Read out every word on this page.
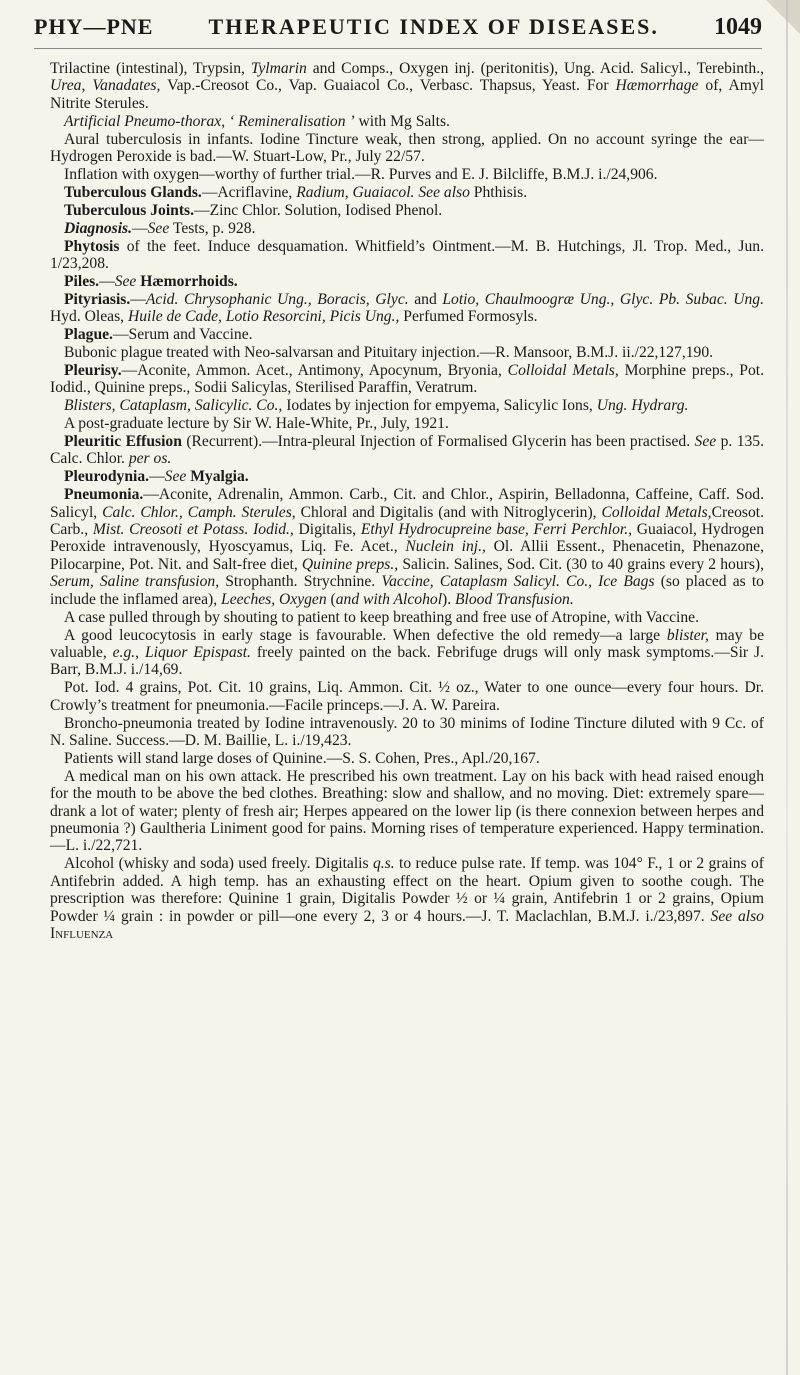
PHY—PNE	THERAPEUTIC INDEX OF DISEASES. 1049

Trilactine (intestinal), Trypsin, Tylmarin and Comps., Oxygen inj. (peritonitis), Ung. Acid. Salicyl., Terebinth., Urea, Vanadates, Vap.-Creosot Co., Vap. Guaiacol Co., Verbasc. Thapsus, Yeast. For Hæmorrhage of, Amyl Nitrite Sterules.

Artificial Pneumo-thorax, ‘ Remineralisation ’ with Mg Salts.

Aural tuberculosis in infants. Iodine Tincture weak, then strong, applied. On no account syringe the ear—Hydrogen Peroxide is bad.—W. Stuart-Low, Pr., July 22/57.

Inflation with oxygen—worthy of further trial.—R. Purves and E. J. Bilcliffe, B.M.J. i./24,906.

Tuberculous Glands.—Acriflavine, Radium, Guaiacol. See also Phthisis.

Tuberculous Joints.—Zinc Chlor. Solution, Iodised Phenol.

Diagnosis.—See Tests, p. 928.

Phytosis of the feet. Induce desquamation. Whitfield’s Ointment.—M. B. Hutchings, Jl. Trop. Med., Jun. 1/23,208.

Piles.—See Hæmorrhoids.

Pityriasis.—Acid. Chrysophanic Ung., Boracis, Glyc. and Lotio, Chaulmoogræ Ung., Glyc. Pb. Subac. Ung. Hyd. Oleas, Huile de Cade, Lotio Resorcini, Picis Ung., Perfumed Formosyls.

Plague.—Serum and Vaccine.

Bubonic plague treated with Neo-salvarsan and Pituitary injection.—R. Mansoor, B.M.J. ii./22,127,190.

Pleurisy.—Aconite, Ammon. Acet., Antimony, Apocynum, Bryonia, Colloidal Metals, Morphine preps., Pot. Iodid., Quinine preps., Sodii Salicylas, Sterilised Paraffin, Veratrum.

Blisters, Cataplasm, Salicylic. Co., Iodates by injection for empyema, Salicylic Ions, Ung. Hydrarg.

A post-graduate lecture by Sir W. Hale-White, Pr., July, 1921.

Pleuritic Effusion (Recurrent).—Intra-pleural Injection of Formalised Glycerin has been practised. See p. 135. Calc. Chlor. per os.

Pleurodynia.—See Myalgia.

Pneumonia.—Aconite, Adrenalin, Ammon. Carb., Cit. and Chlor., Aspirin, Belladonna, Caffeine, Caff. Sod. Salicyl, Calc. Chlor., Camph. Sterules, Chloral and Digitalis (and with Nitroglycerin), Colloidal Metals,Creosot. Carb., Mist. Creosoti et Potass. Iodid., Digitalis, Ethyl Hydrocupreine base, Ferri Perchlor., Guaiacol, Hydrogen Peroxide intravenously, Hyoscyamus, Liq. Fe. Acet., Nuclein inj., Ol. Allii Essent., Phenacetin, Phenazone, Pilocarpine, Pot. Nit. and Salt-free diet, Quinine preps., Salicin. Salines, Sod. Cit. (30 to 40 grains every 2 hours), Serum, Saline transfusion, Strophanth. Strychnine. Vaccine, Cataplasm Salicyl. Co., Ice Bags (so placed as to include the inflamed area), Leeches, Oxygen (and with Alcohol). Blood Transfusion.

A case pulled through by shouting to patient to keep breathing and free use of Atropine, with Vaccine.

A good leucocytosis in early stage is favourable. When defective the old remedy—a large blister, may be valuable, e.g., Liquor Epispast. freely painted on the back. Febrifuge drugs will only mask symptoms.—Sir J. Barr, B.M.J. i./14,69.

Pot. Iod. 4 grains, Pot. Cit. 10 grains, Liq. Ammon. Cit. ½ oz., Water to one ounce—every four hours. Dr. Crowly’s treatment for pneumonia.—Facile princeps.—J. A. W. Pareira.

Broncho-pneumonia treated by Iodine intravenously. 20 to 30 minims of Iodine Tincture diluted with 9 Cc. of N. Saline. Success.—D. M. Baillie, L. i./19,423.

Patients will stand large doses of Quinine.—S. S. Cohen, Pres., Apl./20,167.

A medical man on his own attack. He prescribed his own treatment. Lay on his back with head raised enough for the mouth to be above the bed clothes. Breathing: slow and shallow, and no moving. Diet: extremely spare—drank a lot of water; plenty of fresh air; Herpes appeared on the lower lip (is there connexion between herpes and pneumonia ?) Gaultheria Liniment good for pains. Morning rises of temperature experienced. Happy termination.—L. i./22,721.

Alcohol (whisky and soda) used freely. Digitalis q.s. to reduce pulse rate. If temp. was 104° F., 1 or 2 grains of Antifebrin added. A high temp. has an exhausting effect on the heart. Opium given to soothe cough. The prescription was therefore: Quinine 1 grain, Digitalis Powder ½ or ¼ grain, Antifebrin 1 or 2 grains, Opium Powder ¼ grain : in powder or pill—one every 2, 3 or 4 hours.—J. T. Maclachlan, B.M.J. i./23,897. See also Influenza
